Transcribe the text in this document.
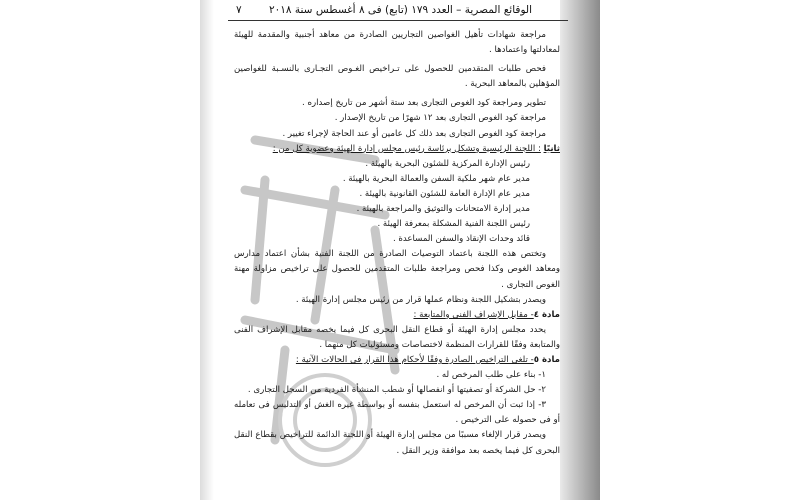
٧	الوقائع المصرية – العدد ١٧٩ (تابع) فى ٨ أغسطس سنة ٢٠١٨

مراجعة شهادات تأهيل الغواصين التجاريين الصادرة من معاهد أجنبية والمقدمة للهيئة لمعادلتها واعتمادها .

فحص طلبات المتقدمين للحصول على تـراخيص الغـوص التجـارى بالنسـبة للغواصين المؤهلين بالمعاهد البحرية .

تطوير ومراجعة كود الغوص التجارى بعد ستة أشهر من تاريخ إصداره .

مراجعة كود الغوص التجارى بعد ١٢ شهرًا من تاريخ الإصدار .

مراجعة كود الغوص التجارى بعد ذلك كل عامين أو عند الحاجة لإجراء تغيير .

ثانيًا : اللجنة الرئيسية وتشكل برئاسة رئيس مجلس إدارة الهيئة وعضوية كل من :

رئيس الإدارة المركزية للشئون البحرية بالهيئة .

مدير عام شهر ملكية السفن والعمالة البحرية بالهيئة .

مدير عام الإدارة العامة للشئون القانونية بالهيئة .

مدير إدارة الامتحانات والتوثيق والمراجعة بالهيئة .

رئيس اللجنة الفنية المشكلة بمعرفة الهيئة .

قائد وحدات الإنقاذ والسفن المساعدة .

وتختص هذه اللجنة باعتماد التوصيات الصادرة من اللجنة الفنية بشأن اعتماد مدارس ومعاهد الغوص وكذا فحص ومراجعة طلبات المتقدمين للحصول على تراخيص مزاولة مهنة الغوص التجارى .

ويصدر بتشكيل اللجنة ونظام عملها قرار من رئيس مجلس إدارة الهيئة .

مادة ٤- مقابل الإشراف الفنى والمتابعة :

يحدد مجلس إدارة الهيئة أو قطاع النقل البحرى كل فيما يخصه مقابل الإشراف الفنى والمتابعة وفقًا للقرارات المنظمة لاختصاصات ومسئوليات كل منهما .

مادة ٥- تلغى التراخيص الصادرة وفقًا لأحكام هذا القرار فى الحالات الآتية :

١- بناء على طلب المرخص له .

٢- حل الشركة أو تصفيتها أو انفصالها أو شطب المنشأة الفردية من السجل التجارى .

٣- إذا ثبت أن المرخص له استعمل بنفسه أو بواسطة غيره الغش أو التدليس فى تعامله أو فى حصوله على الترخيص .

ويصدر قرار الإلغاء مسببًا من مجلس إدارة الهيئة أو اللجنة الدائمة للتراخيص بقطاع النقل البحرى كل فيما يخصه بعد موافقة وزير النقل .
